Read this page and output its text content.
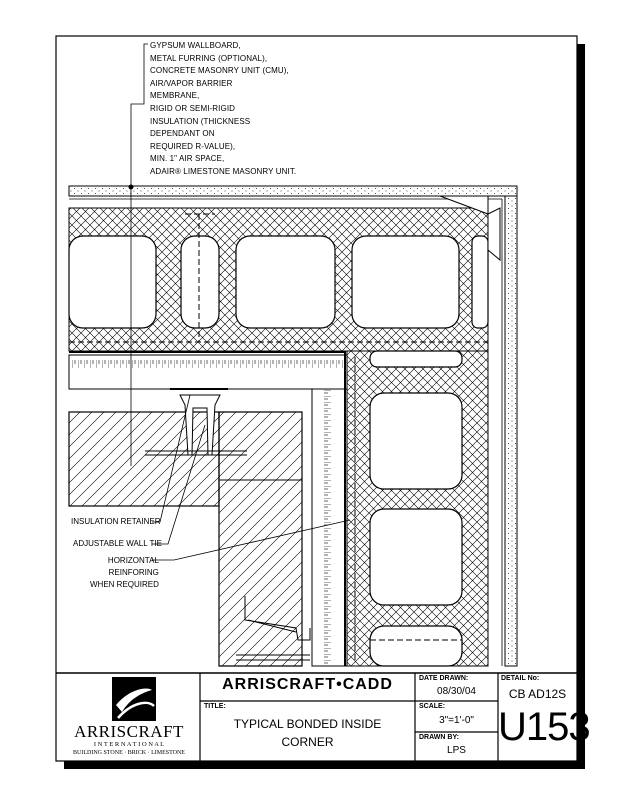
GYPSUM WALLBOARD,
METAL FURRING (OPTIONAL),
CONCRETE MASONRY UNIT (CMU),
AIR/VAPOR BARRIER
MEMBRANE,
RIGID OR SEMI-RIGID
INSULATION (THICKNESS
DEPENDANT ON
REQUIRED R-VALUE),
MIN. 1" AIR SPACE,
ADAIR® LIMESTONE MASONRY UNIT.
INSULATION RETAINER
ADJUSTABLE WALL TIE
HORIZONTAL
REINFORING
WHEN REQUIRED
ARRISCRAFT•CADD
TITLE:
TYPICAL BONDED INSIDE CORNER
DATE DRAWN:
08/30/04
SCALE:
3"=1'-0"
DRAWN BY:
LPS
DETAIL No:
CB AD12S
U153
ARRISCRAFT
I N T E R N A T I O N A L
BUILDING STONE · BRICK · LIMESTONE
